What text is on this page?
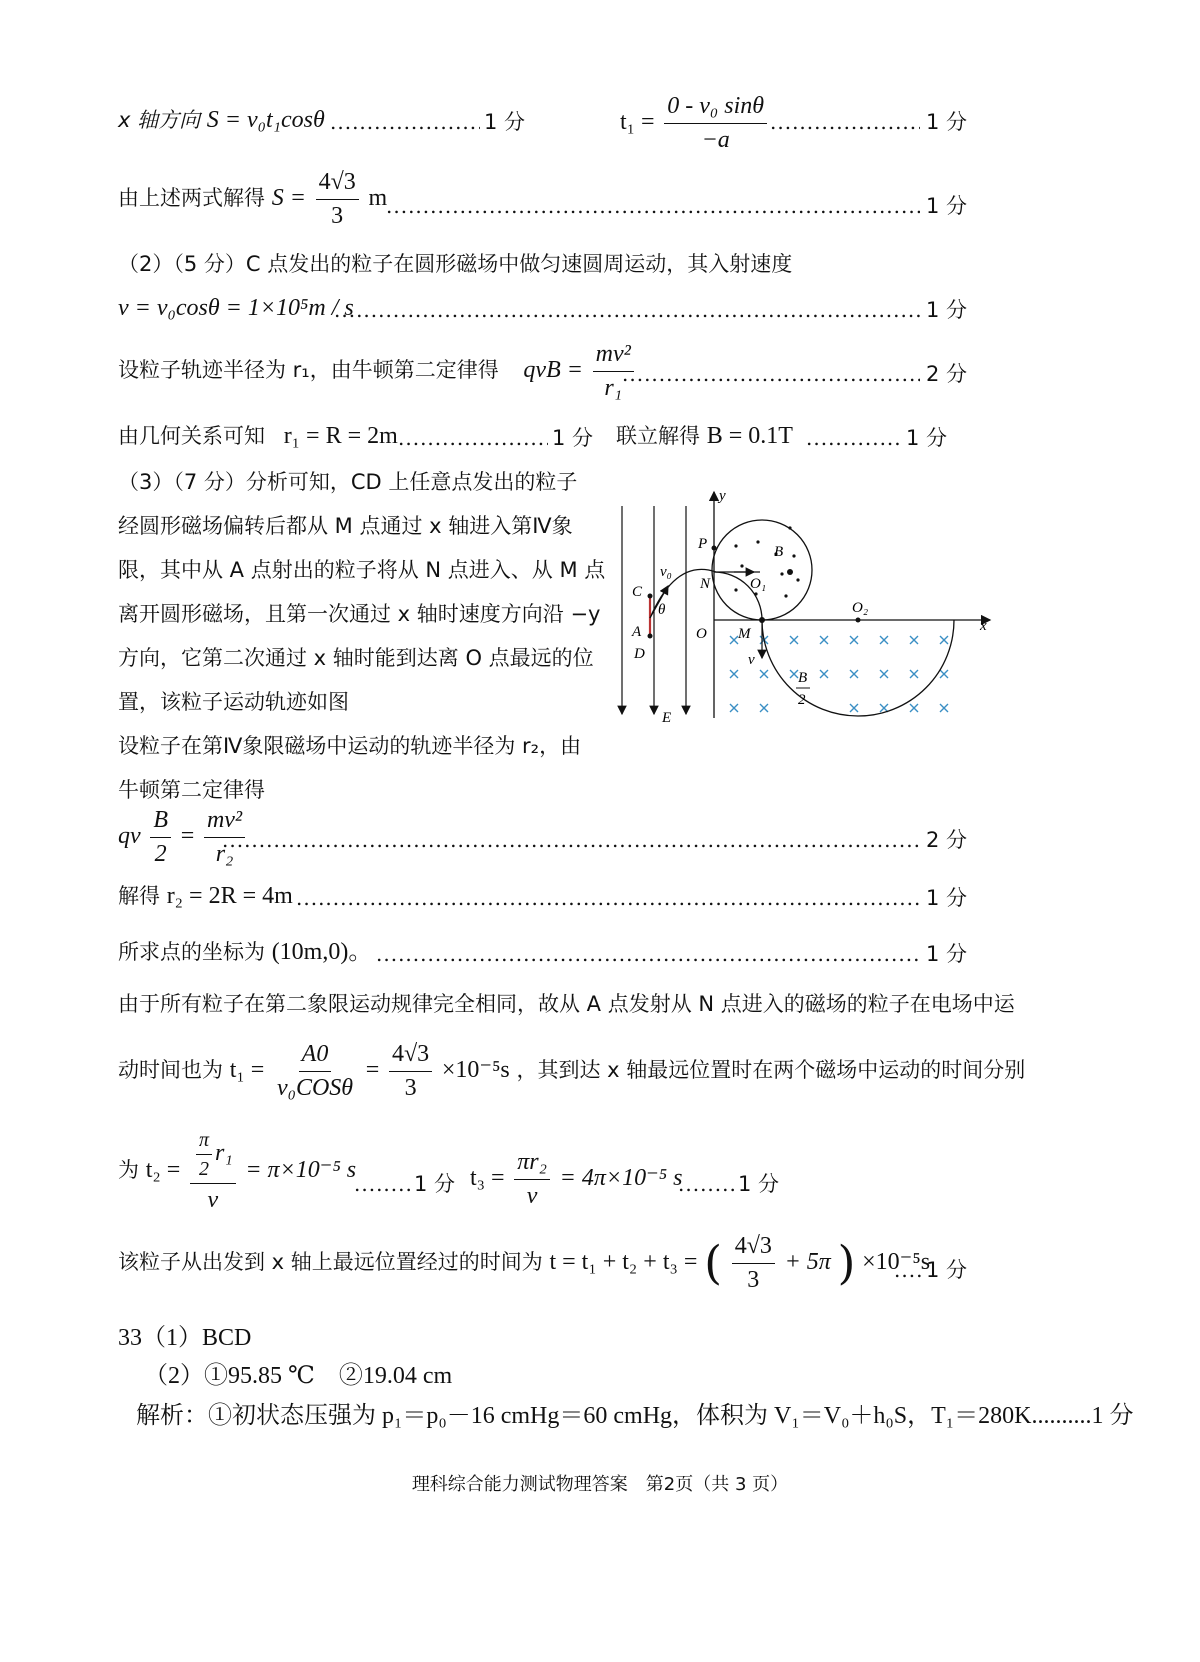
x 轴方向 S = v₀t₁cosθ .....	1 分	$t_1 = \frac{\text{0 - v₀ sinθ}}{-a}$ .....	1 分
由上述两式解得 $S = \frac{4√3}{3}$ m .....	1 分
（2）（5 分）C 点发出的粒子在圆形磁场中做匀速圆周运动，其入射速度
v = v₀cosθ = 1×10⁵m / s .....	1 分
设粒子轨迹半径为 r₁，由牛顿第二定律得 qvB = $\frac{\text{mv²}}{\text{r₁}}$ .....	2 分
由几何关系可知 r₁ = R = 2m .....	1 分 联立解得 B = 0.1T .....	1 分
（3）（7 分）分析可知，CD 上任意点发出的粒子
经圆形磁场偏转后都从 M 点通过 x 轴进入第Ⅳ象
限，其中从 A 点射出的粒子将从 N 点进入、从 M 点
离开圆形磁场，且第一次通过 x 轴时速度方向沿 −y
方向，它第二次通过 x 轴时能到达离 O 点最远的位
置，该粒子运动轨迹如图
设粒子在第Ⅳ象限磁场中运动的轨迹半径为 r₂，由
牛顿第二定律得
y
x
P	B
v₀
N	O₁
C
θ
A	O M
O₂
D	v
B
2
E
qv $\frac{B}{2} = \frac{\text{mv²}}{\text{r₂}}$ .....	2 分
解得 r₂ = 2R = 4m .....	1 分
所求点的坐标为 (10m,0)。 .....	1 分
由于所有粒子在第二象限运动规律完全相同，故从 A 点发射从 N 点进入的磁场的粒子在电场中运
动时间也为 $t_1 = \frac{A0}{\text{v₀COSθ}} = \frac{4√3}{3} \times 10^{-5}s$ ，其到达 x 轴最远位置时在两个磁场中运动的时间分别
为 $t_2 = \frac{\frac{\pi}{2} r_1}{v} = \pi\times 10^{-5}$ s
.....
1 分 $t_3 = \frac{\text{πr₂}}{v} = 4\pi\times 10^{-5}$ s .....	1 分
该粒子从出发到 x 轴上最远位置经过的时间为 t = t₁ + t₂ + t₃ = ( $\frac{4√3}{3} + 5\pi$ ) ×10⁻⁵s
.....
1 分
33（1）BCD
（2）①95.85 ℃　②19.04 cm
解析：①初状态压强为 p₁＝p₀－16 cmHg＝60 cmHg，体积为 V₁＝V₀＋h₀S，T₁＝280K..........1 分
理科综合能力测试物理答案　第2页（共 3 页）
